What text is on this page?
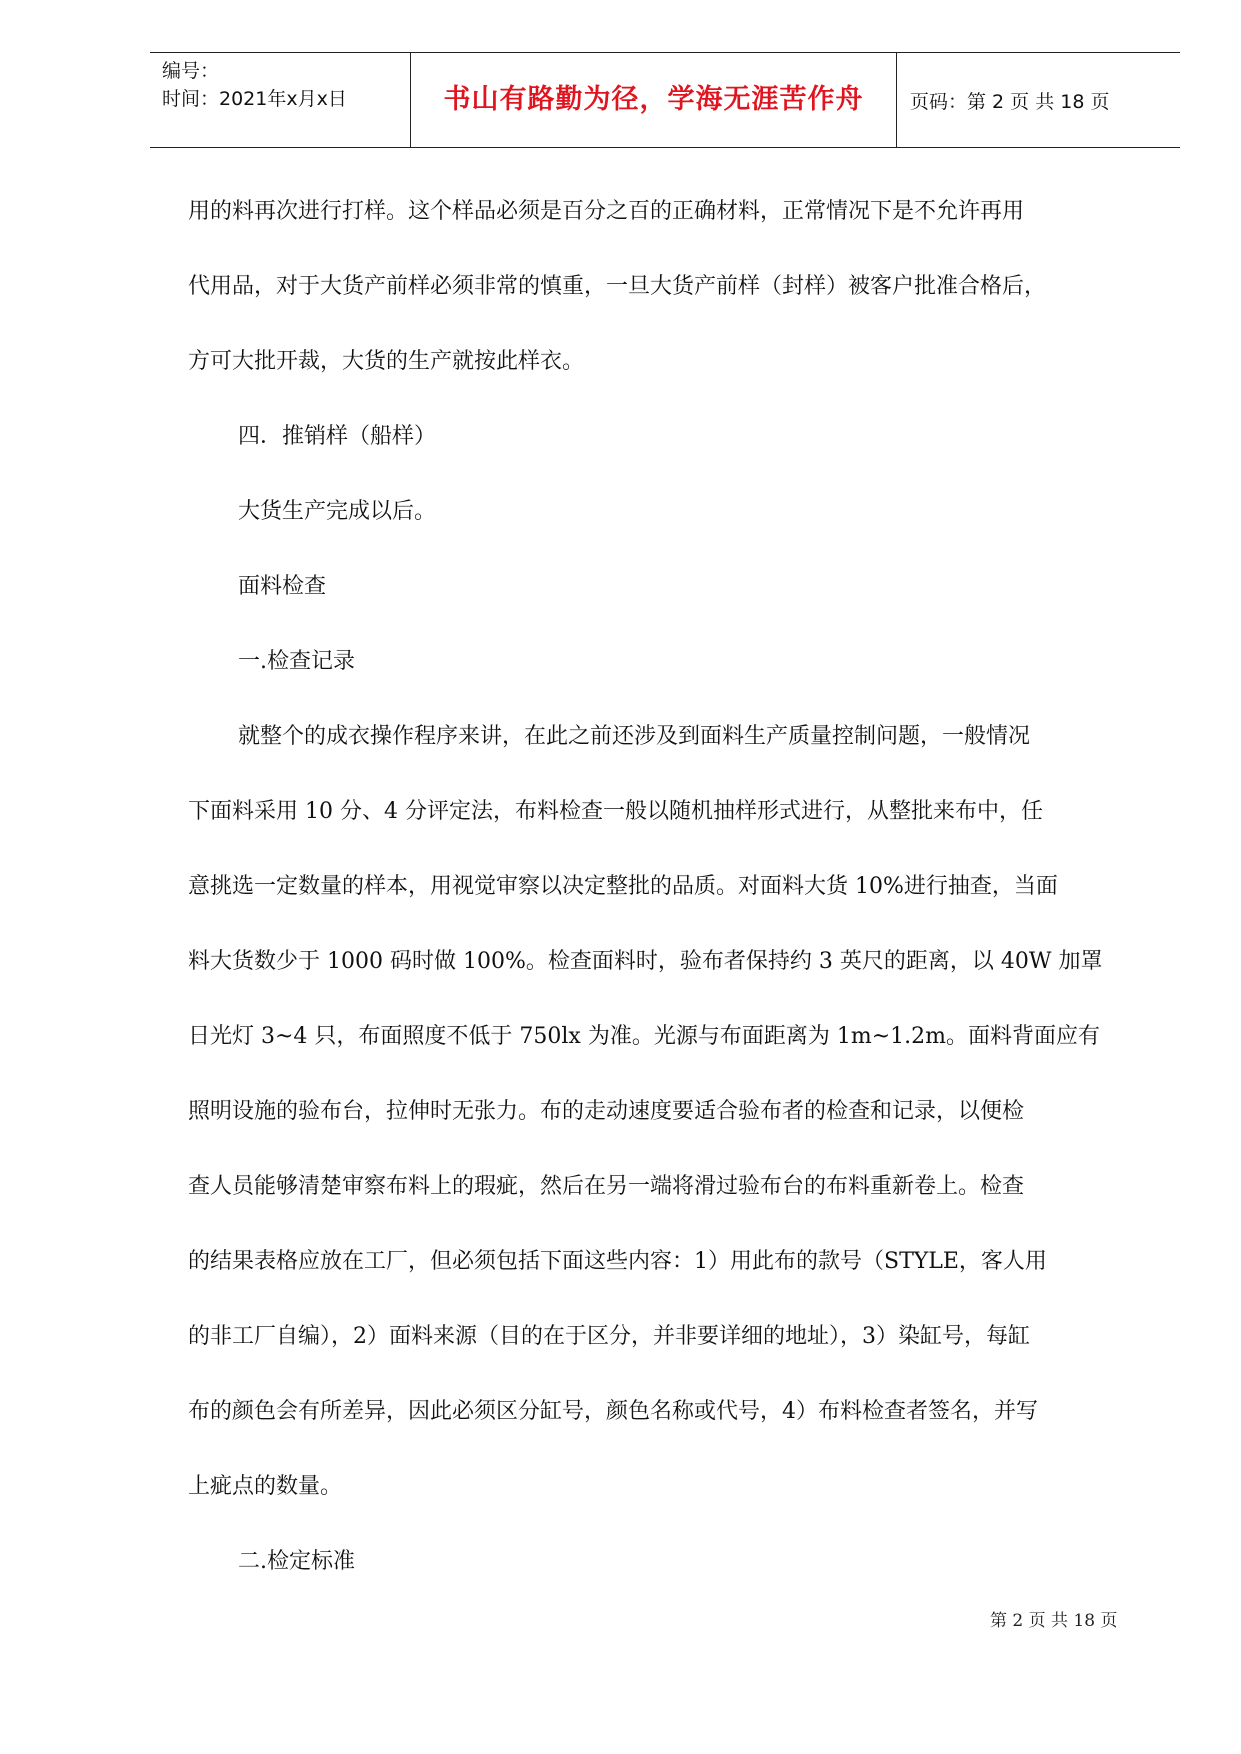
编号：
时间：2021年x月x日	书山有路勤为径，学海无涯苦作舟	页码：第 2 页 共 18 页
用的料再次进行打样。这个样品必须是百分之百的正确材料，正常情况下是不允许再用
代用品，对于大货产前样必须非常的慎重，一旦大货产前样（封样）被客户批准合格后，
方可大批开裁，大货的生产就按此样衣。
四．推销样（船样）
大货生产完成以后。
面料检查
一.检查记录
就整个的成衣操作程序来讲，在此之前还涉及到面料生产质量控制问题，一般情况
下面料采用 10 分、4 分评定法，布料检查一般以随机抽样形式进行，从整批来布中，任
意挑选一定数量的样本，用视觉审察以决定整批的品质。对面料大货 10%进行抽查，当面
料大货数少于 1000 码时做 100%。检查面料时，验布者保持约 3 英尺的距离，以 40W 加罩
日光灯 3~4 只，布面照度不低于 750lx 为准。光源与布面距离为 1m~1.2m。面料背面应有
照明设施的验布台，拉伸时无张力。布的走动速度要适合验布者的检查和记录，以便检
查人员能够清楚审察布料上的瑕疵，然后在另一端将滑过验布台的布料重新卷上。检查
的结果表格应放在工厂，但必须包括下面这些内容：1）用此布的款号（STYLE，客人用
的非工厂自编），2）面料来源（目的在于区分，并非要详细的地址），3）染缸号，每缸
布的颜色会有所差异，因此必须区分缸号，颜色名称或代号，4）布料检查者签名，并写
上疵点的数量。
二.检定标准
第 2 页 共 18 页
